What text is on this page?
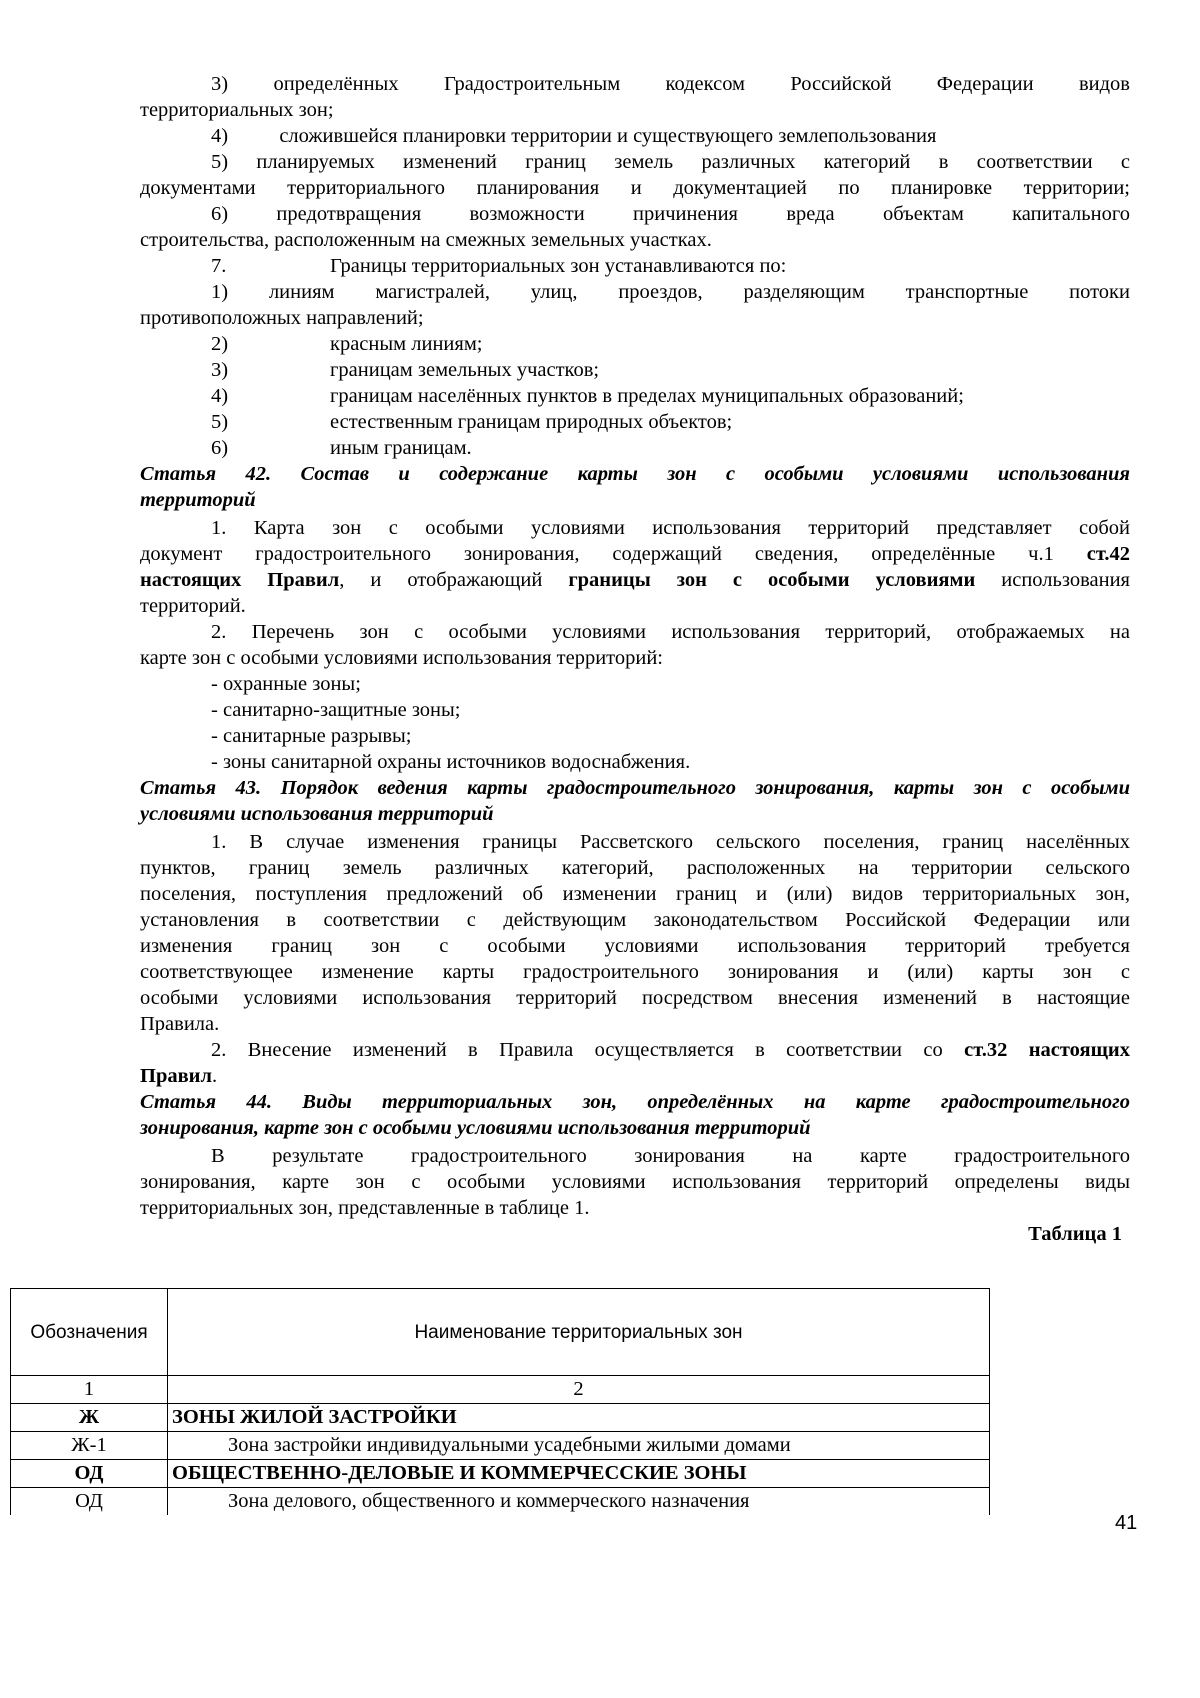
3) определённых Градостроительным кодексом Российской Федерации видов
территориальных зон;
4)          сложившейся планировки территории и существующего землепользования
5) планируемых изменений границ земель различных категорий в соответствии с
документами территориального планирования и документацией по планировке территории;
6) предотвращения возможности причинения вреда объектам капитального
строительства, расположенным на смежных земельных участках.
7.	Границы территориальных зон устанавливаются по:
1) линиям магистралей, улиц, проездов, разделяющим транспортные потоки
противоположных направлений;
2)	красным линиям;
3)	границам земельных участков;
4)	границам населённых пунктов в пределах муниципальных образований;
5)	естественным границам природных объектов;
6)	иным границам.
Статья 42. Состав и содержание карты зон с особыми условиями использования
территорий
1. Карта зон с особыми условиями использования территорий представляет собой
документ градостроительного зонирования, содержащий сведения, определённые ч.1 ст.42
настоящих Правил, и отображающий границы зон с особыми условиями использования
территорий.
2. Перечень зон с особыми условиями использования территорий, отображаемых на
карте зон с особыми условиями использования территорий:
- охранные зоны;
- санитарно-защитные зоны;
- санитарные разрывы;
- зоны санитарной охраны источников водоснабжения.
Статья 43. Порядок ведения карты градостроительного зонирования, карты зон с особыми
условиями использования территорий
1. В случае изменения границы Рассветского сельского поселения, границ населённых
пунктов, границ земель различных категорий, расположенных на территории сельского
поселения, поступления предложений об изменении границ и (или) видов территориальных зон,
установления в соответствии с действующим законодательством Российской Федерации или
изменения границ зон с особыми условиями использования территорий требуется
соответствующее изменение карты градостроительного зонирования и (или) карты зон с
особыми условиями использования территорий посредством внесения изменений в настоящие
Правила.
2. Внесение изменений в Правила осуществляется в соответствии со ст.32 настоящих
Правил.
Статья 44. Виды территориальных зон, определённых на карте градостроительного
зонирования, карте зон с особыми условиями использования территорий
В результате градостроительного зонирования на карте градостроительного
зонирования, карте зон с особыми условиями использования территорий определены виды
территориальных зон, представленные в таблице 1.
Таблица 1
Обозначения	Наименование территориальных зон
1	2
Ж	ЗОНЫ ЖИЛОЙ ЗАСТРОЙКИ
Ж-1	Зона застройки индивидуальными усадебными жилыми домами
ОД	ОБЩЕСТВЕННО-ДЕЛОВЫЕ И КОММЕРЧЕССКИЕ ЗОНЫ
ОД	Зона делового, общественного и коммерческого назначения
41
